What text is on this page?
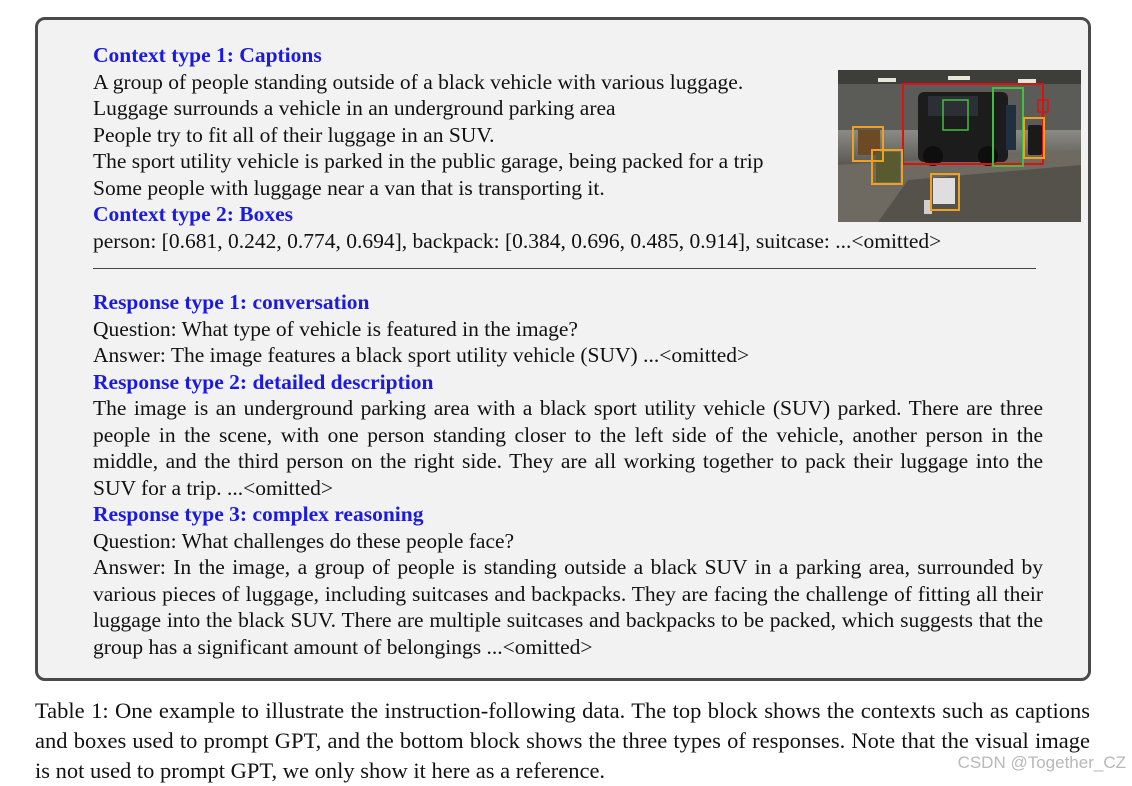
Context type 1: Captions
A group of people standing outside of a black vehicle with various luggage.
Luggage surrounds a vehicle in an underground parking area
People try to fit all of their luggage in an SUV.
The sport utility vehicle is parked in the public garage, being packed for a trip
Some people with luggage near a van that is transporting it.
Context type 2: Boxes
person: [0.681, 0.242, 0.774, 0.694], backpack: [0.384, 0.696, 0.485, 0.914], suitcase: ...<omitted>
Response type 1: conversation
Question: What type of vehicle is featured in the image?
Answer: The image features a black sport utility vehicle (SUV) ...<omitted>
Response type 2: detailed description
The image is an underground parking area with a black sport utility vehicle (SUV) parked. There are three people in the scene, with one person standing closer to the left side of the vehicle, another person in the middle, and the third person on the right side. They are all working together to pack their luggage into the SUV for a trip. ...<omitted>
Response type 3: complex reasoning
Question: What challenges do these people face?
Answer: In the image, a group of people is standing outside a black SUV in a parking area, surrounded by various pieces of luggage, including suitcases and backpacks. They are facing the challenge of fitting all their luggage into the black SUV. There are multiple suitcases and backpacks to be packed, which suggests that the group has a significant amount of belongings ...<omitted>
Table 1: One example to illustrate the instruction-following data. The top block shows the contexts such as captions and boxes used to prompt GPT, and the bottom block shows the three types of responses. Note that the visual image is not used to prompt GPT, we only show it here as a reference.	CSDN @Together_CZ
